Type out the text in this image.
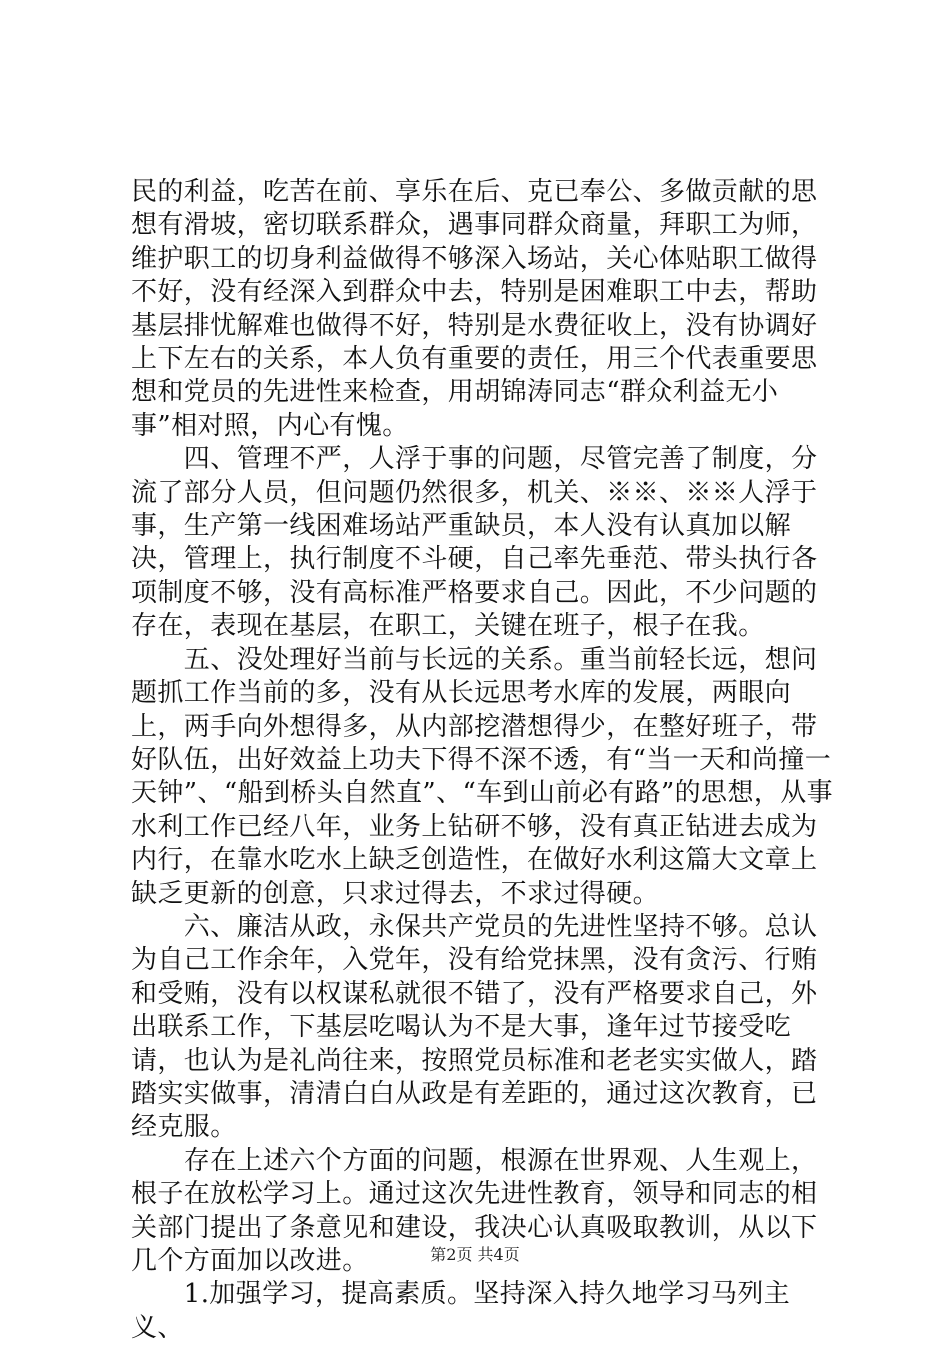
民的利益，吃苦在前、享乐在后、克已奉公、多做贡献的思想有滑坡，密切联系群众，遇事同群众商量，拜职工为师，维护职工的切身利益做得不够深入场站，关心体贴职工做得不好，没有经深入到群众中去，特别是困难职工中去，帮助基层排忧解难也做得不好，特别是水费征收上，没有协调好上下左右的关系，本人负有重要的责任，用三个代表重要思想和党员的先进性来检查，用胡锦涛同志“群众利益无小事”相对照，内心有愧。

　　四、管理不严，人浮于事的问题，尽管完善了制度，分流了部分人员，但问题仍然很多，机关、※※、※※人浮于事，生产第一线困难场站严重缺员，本人没有认真加以解决，管理上，执行制度不斗硬，自己率先垂范、带头执行各项制度不够，没有高标准严格要求自己。因此，不少问题的存在，表现在基层，在职工，关键在班子，根子在我。

　　五、没处理好当前与长远的关系。重当前轻长远，想问题抓工作当前的多，没有从长远思考水库的发展，两眼向上，两手向外想得多，从内部挖潜想得少，在整好班子，带好队伍，出好效益上功夫下得不深不透，有“当一天和尚撞一天钟”、“船到桥头自然直”、“车到山前必有路”的思想，从事水利工作已经八年，业务上钻研不够，没有真正钻进去成为内行，在靠水吃水上缺乏创造性，在做好水利这篇大文章上缺乏更新的创意，只求过得去，不求过得硬。

　　六、廉洁从政，永保共产党员的先进性坚持不够。总认为自己工作余年，入党年，没有给党抹黑，没有贪污、行贿和受贿，没有以权谋私就很不错了，没有严格要求自己，外出联系工作，下基层吃喝认为不是大事，逢年过节接受吃请，也认为是礼尚往来，按照党员标准和老老实实做人，踏踏实实做事，清清白白从政是有差距的，通过这次教育，已经克服。

　　存在上述六个方面的问题，根源在世界观、人生观上，根子在放松学习上。通过这次先进性教育，领导和同志的相关部门提出了条意见和建设，我决心认真吸取教训，从以下几个方面加以改进。

　　1.加强学习，提高素质。坚持深入持久地学习马列主义、

第2页 共4页
